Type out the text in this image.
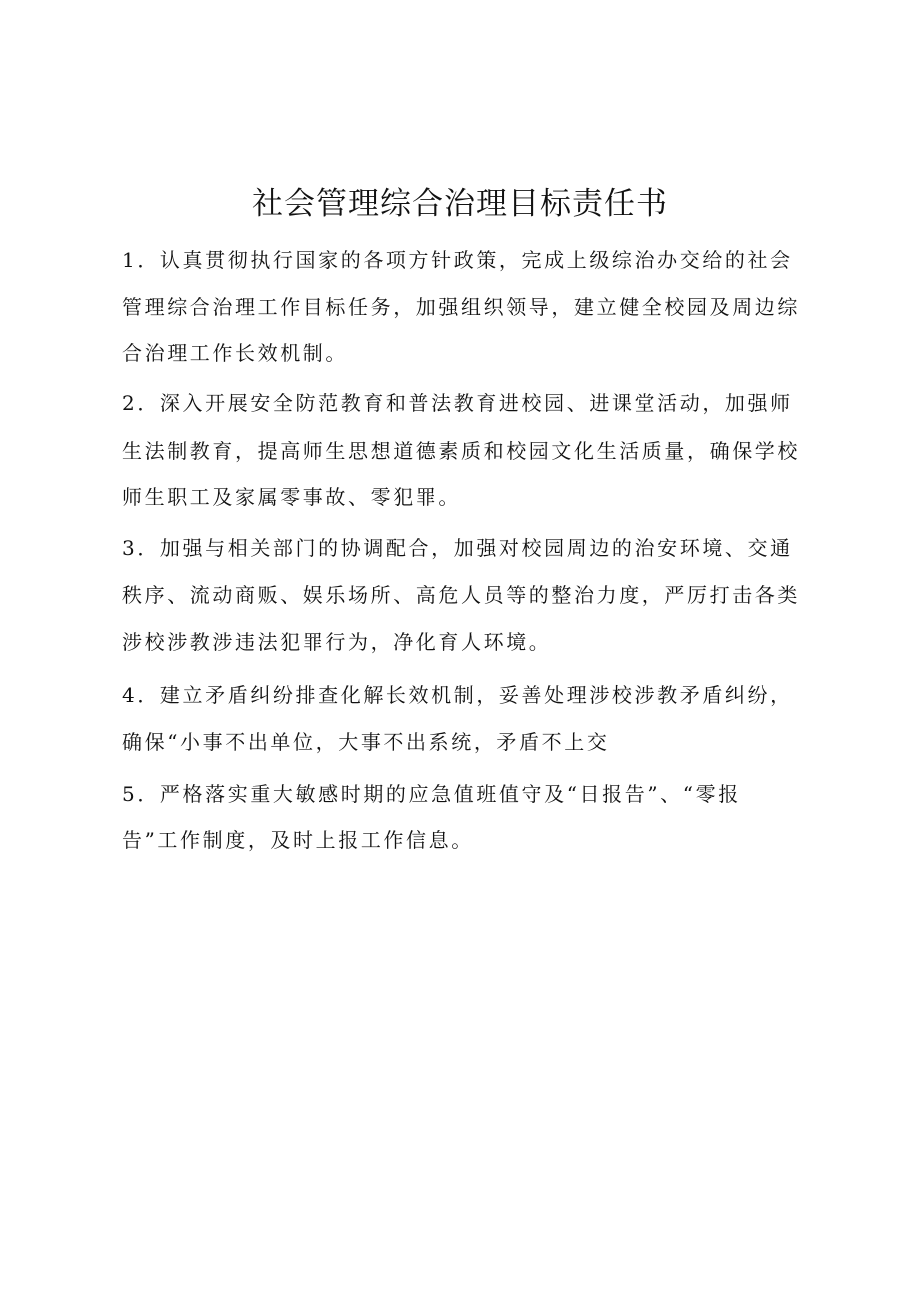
社会管理综合治理目标责任书
1．认真贯彻执行国家的各项方针政策，完成上级综治办交给的社会
管理综合治理工作目标任务，加强组织领导，建立健全校园及周边综
合治理工作长效机制。
2．深入开展安全防范教育和普法教育进校园、进课堂活动，加强师
生法制教育，提高师生思想道德素质和校园文化生活质量，确保学校
师生职工及家属零事故、零犯罪。
3．加强与相关部门的协调配合，加强对校园周边的治安环境、交通
秩序、流动商贩、娱乐场所、高危人员等的整治力度，严厉打击各类
涉校涉教涉违法犯罪行为，净化育人环境。
4．建立矛盾纠纷排查化解长效机制，妥善处理涉校涉教矛盾纠纷，
确保“小事不出单位，大事不出系统，矛盾不上交
5．严格落实重大敏感时期的应急值班值守及“日报告”、“零报
告”工作制度，及时上报工作信息。
